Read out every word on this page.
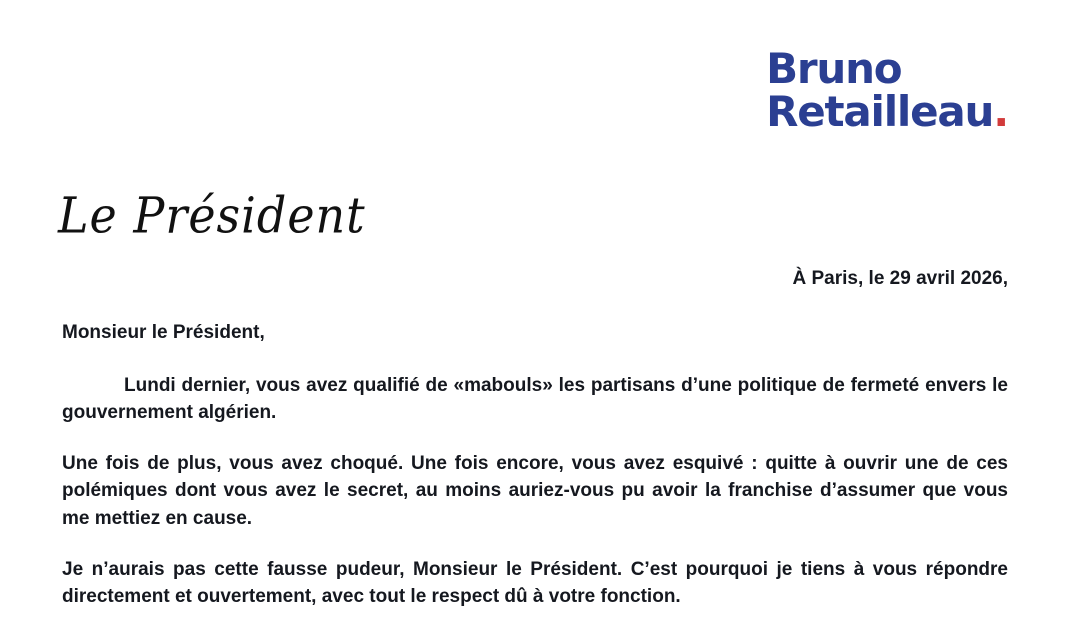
Bruno
Retailleau.
Le Président
À Paris, le 29 avril 2026,

Monsieur le Président,

Lundi dernier, vous avez qualifié de «mabouls» les partisans d’une politique de fermeté envers le gouvernement algérien.

Une fois de plus, vous avez choqué. Une fois encore, vous avez esquivé : quitte à ouvrir une de ces polémiques dont vous avez le secret, au moins auriez-vous pu avoir la franchise d’assumer que vous me mettiez en cause.

Je n’aurais pas cette fausse pudeur, Monsieur le Président. C’est pourquoi je tiens à vous répondre directement et ouvertement, avec tout le respect dû à votre fonction.
